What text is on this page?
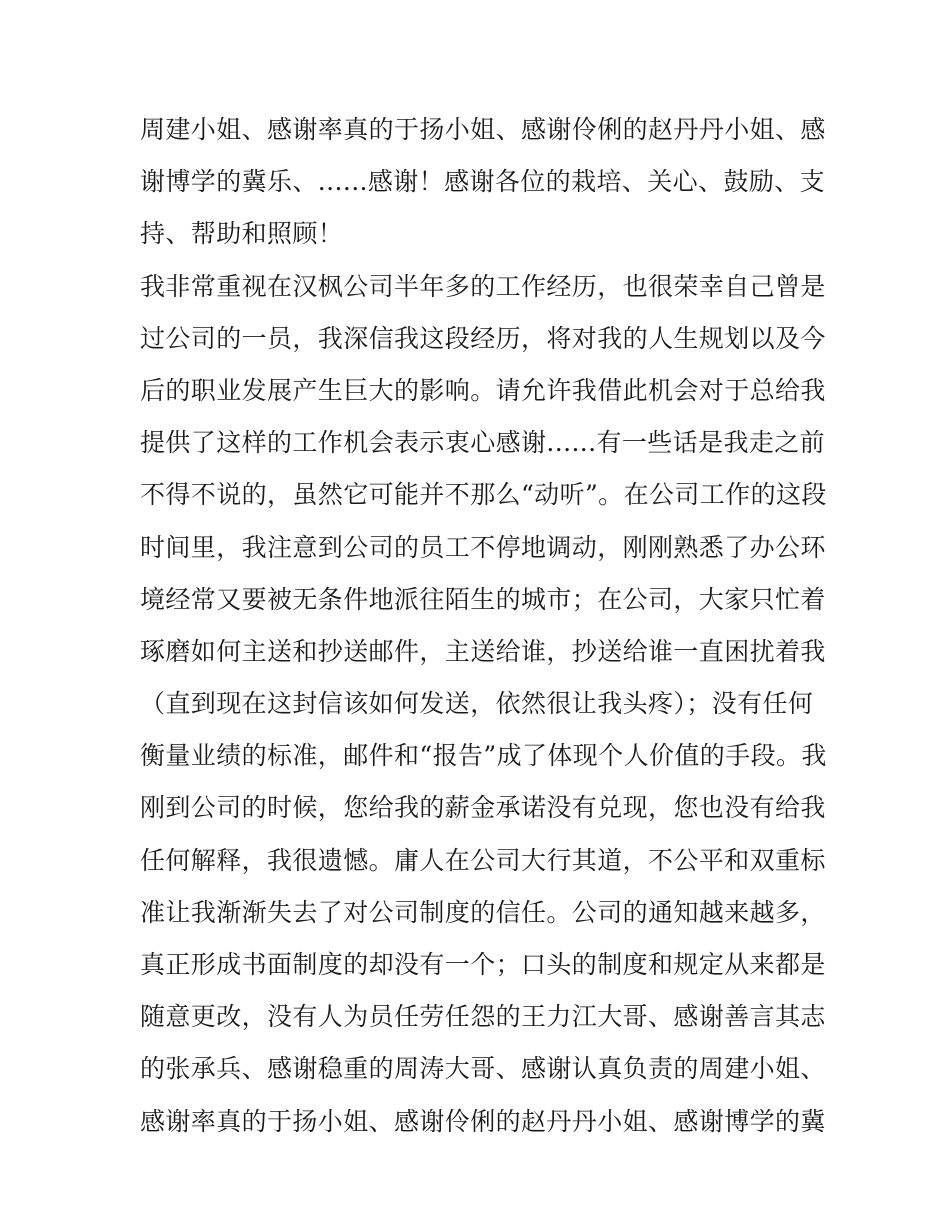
周建小姐、感谢率真的于扬小姐、感谢伶俐的赵丹丹小姐、感
谢博学的冀乐、......感谢！感谢各位的栽培、关心、鼓励、支
持、帮助和照顾！
我非常重视在汉枫公司半年多的工作经历，也很荣幸自己曾是
过公司的一员，我深信我这段经历，将对我的人生规划以及今
后的职业发展产生巨大的影响。请允许我借此机会对于总给我
提供了这样的工作机会表示衷心感谢......有一些话是我走之前
不得不说的，虽然它可能并不那么“动听”。在公司工作的这段
时间里，我注意到公司的员工不停地调动，刚刚熟悉了办公环
境经常又要被无条件地派往陌生的城市；在公司，大家只忙着
琢磨如何主送和抄送邮件，主送给谁，抄送给谁一直困扰着我
（直到现在这封信该如何发送，依然很让我头疼）；没有任何
衡量业绩的标准，邮件和“报告”成了体现个人价值的手段。我
刚到公司的时候，您给我的薪金承诺没有兑现，您也没有给我
任何解释，我很遗憾。庸人在公司大行其道，不公平和双重标
准让我渐渐失去了对公司制度的信任。公司的通知越来越多，
真正形成书面制度的却没有一个；口头的制度和规定从来都是
随意更改，没有人为员任劳任怨的王力江大哥、感谢善言其志
的张承兵、感谢稳重的周涛大哥、感谢认真负责的周建小姐、
感谢率真的于扬小姐、感谢伶俐的赵丹丹小姐、感谢博学的冀
